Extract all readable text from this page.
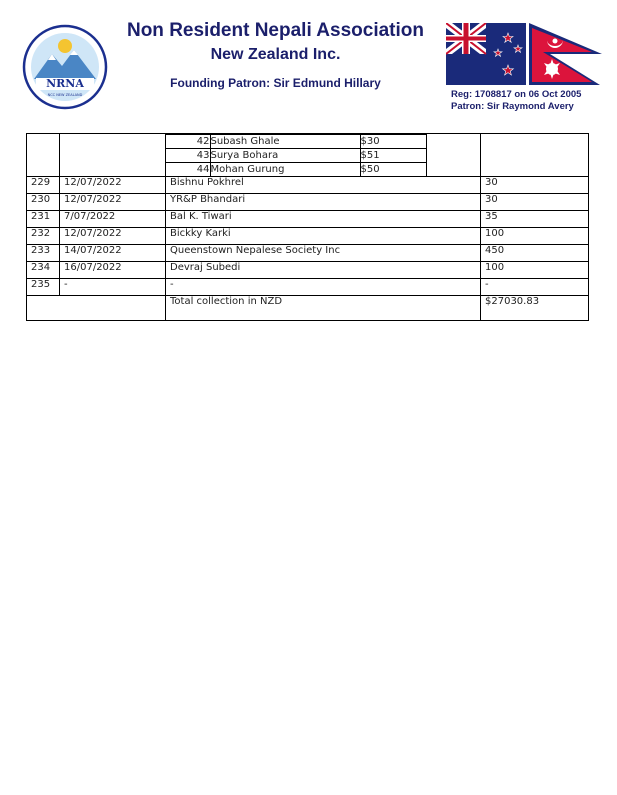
NRNA
NCC NEW ZEALAND
Non Resident Nepali Association
New Zealand Inc.
Founding Patron: Sir Edmund Hillary
Reg: 1708817 on 06 Oct 2005
Patron: Sir Raymond Avery

42	Subash Ghale	$30
43	Surya Bohara	$51
44	Mohan Gurung	$50

229	12/07/2022	Bishnu Pokhrel	30
230	12/07/2022	YR&P Bhandari	30
231	7/07/2022	Bal K. Tiwari	35
232	12/07/2022	Bickky Karki	100
233	14/07/2022	Queenstown Nepalese Society Inc	450
234	16/07/2022	Devraj Subedi	100
235	-	-	-
	Total collection in NZD	$27030.83
